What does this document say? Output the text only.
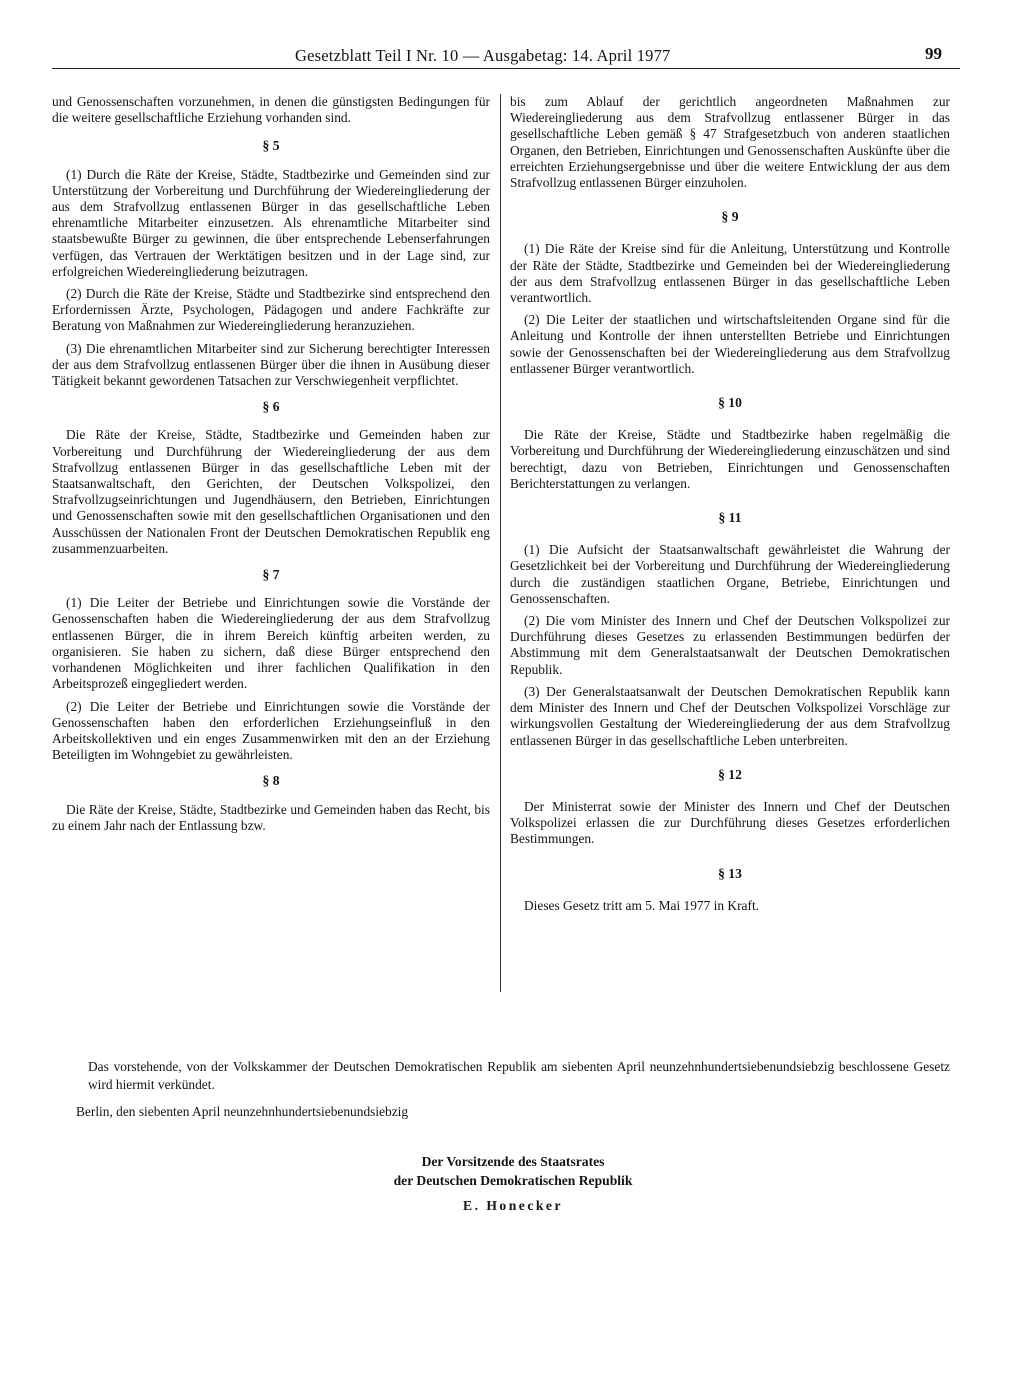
Gesetzblatt Teil I Nr. 10 — Ausgabetag: 14. April 1977	99

und Genossenschaften vorzunehmen, in denen die günstigsten Bedingungen für die weitere gesellschaftliche Erziehung vorhanden sind.

§ 5

(1) Durch die Räte der Kreise, Städte, Stadtbezirke und Gemeinden sind zur Unterstützung der Vorbereitung und Durchführung der Wiedereingliederung der aus dem Strafvollzug entlassenen Bürger in das gesellschaftliche Leben ehrenamtliche Mitarbeiter einzusetzen. Als ehrenamtliche Mitarbeiter sind staatsbewußte Bürger zu gewinnen, die über entsprechende Lebenserfahrungen verfügen, das Vertrauen der Werktätigen besitzen und in der Lage sind, zur erfolgreichen Wiedereingliederung beizutragen.

(2) Durch die Räte der Kreise, Städte und Stadtbezirke sind entsprechend den Erfordernissen Ärzte, Psychologen, Pädagogen und andere Fachkräfte zur Beratung von Maßnahmen zur Wiedereingliederung heranzuziehen.

(3) Die ehrenamtlichen Mitarbeiter sind zur Sicherung berechtigter Interessen der aus dem Strafvollzug entlassenen Bürger über die ihnen in Ausübung dieser Tätigkeit bekannt gewordenen Tatsachen zur Verschwiegenheit verpflichtet.

§ 6

Die Räte der Kreise, Städte, Stadtbezirke und Gemeinden haben zur Vorbereitung und Durchführung der Wiedereingliederung der aus dem Strafvollzug entlassenen Bürger in das gesellschaftliche Leben mit der Staatsanwaltschaft, den Gerichten, der Deutschen Volkspolizei, den Strafvollzugseinrichtungen und Jugendhäusern, den Betrieben, Einrichtungen und Genossenschaften sowie mit den gesellschaftlichen Organisationen und den Ausschüssen der Nationalen Front der Deutschen Demokratischen Republik eng zusammenzuarbeiten.

§ 7

(1) Die Leiter der Betriebe und Einrichtungen sowie die Vorstände der Genossenschaften haben die Wiedereingliederung der aus dem Strafvollzug entlassenen Bürger, die in ihrem Bereich künftig arbeiten werden, zu organisieren. Sie haben zu sichern, daß diese Bürger entsprechend den vorhandenen Möglichkeiten und ihrer fachlichen Qualifikation in den Arbeitsprozeß eingegliedert werden.

(2) Die Leiter der Betriebe und Einrichtungen sowie die Vorstände der Genossenschaften haben den erforderlichen Erziehungseinfluß in den Arbeitskollektiven und ein enges Zusammenwirken mit den an der Erziehung Beteiligten im Wohngebiet zu gewährleisten.

§ 8

Die Räte der Kreise, Städte, Stadtbezirke und Gemeinden haben das Recht, bis zu einem Jahr nach der Entlassung bzw.

bis zum Ablauf der gerichtlich angeordneten Maßnahmen zur Wiedereingliederung aus dem Strafvollzug entlassener Bürger in das gesellschaftliche Leben gemäß § 47 Strafgesetzbuch von anderen staatlichen Organen, den Betrieben, Einrichtungen und Genossenschaften Auskünfte über die erreichten Erziehungsergebnisse und über die weitere Entwicklung der aus dem Strafvollzug entlassenen Bürger einzuholen.

§ 9

(1) Die Räte der Kreise sind für die Anleitung, Unterstützung und Kontrolle der Räte der Städte, Stadtbezirke und Gemeinden bei der Wiedereingliederung der aus dem Strafvollzug entlassenen Bürger in das gesellschaftliche Leben verantwortlich.

(2) Die Leiter der staatlichen und wirtschaftsleitenden Organe sind für die Anleitung und Kontrolle der ihnen unterstellten Betriebe und Einrichtungen sowie der Genossenschaften bei der Wiedereingliederung aus dem Strafvollzug entlassener Bürger verantwortlich.

§ 10

Die Räte der Kreise, Städte und Stadtbezirke haben regelmäßig die Vorbereitung und Durchführung der Wiedereingliederung einzuschätzen und sind berechtigt, dazu von Betrieben, Einrichtungen und Genossenschaften Berichterstattungen zu verlangen.

§ 11

(1) Die Aufsicht der Staatsanwaltschaft gewährleistet die Wahrung der Gesetzlichkeit bei der Vorbereitung und Durchführung der Wiedereingliederung durch die zuständigen staatlichen Organe, Betriebe, Einrichtungen und Genossenschaften.

(2) Die vom Minister des Innern und Chef der Deutschen Volkspolizei zur Durchführung dieses Gesetzes zu erlassenden Bestimmungen bedürfen der Abstimmung mit dem Generalstaatsanwalt der Deutschen Demokratischen Republik.

(3) Der Generalstaatsanwalt der Deutschen Demokratischen Republik kann dem Minister des Innern und Chef der Deutschen Volkspolizei Vorschläge zur wirkungsvollen Gestaltung der Wiedereingliederung der aus dem Strafvollzug entlassenen Bürger in das gesellschaftliche Leben unterbreiten.

§ 12

Der Ministerrat sowie der Minister des Innern und Chef der Deutschen Volkspolizei erlassen die zur Durchführung dieses Gesetzes erforderlichen Bestimmungen.

§ 13

Dieses Gesetz tritt am 5. Mai 1977 in Kraft.

Das vorstehende, von der Volkskammer der Deutschen Demokratischen Republik am siebenten April neunzehnhundertsiebenundsiebzig beschlossene Gesetz wird hiermit verkündet.
Berlin, den siebenten April neunzehnhundertsiebenundsiebzig
Der Vorsitzende des Staatsrates
der Deutschen Demokratischen Republik
E. Honecker
